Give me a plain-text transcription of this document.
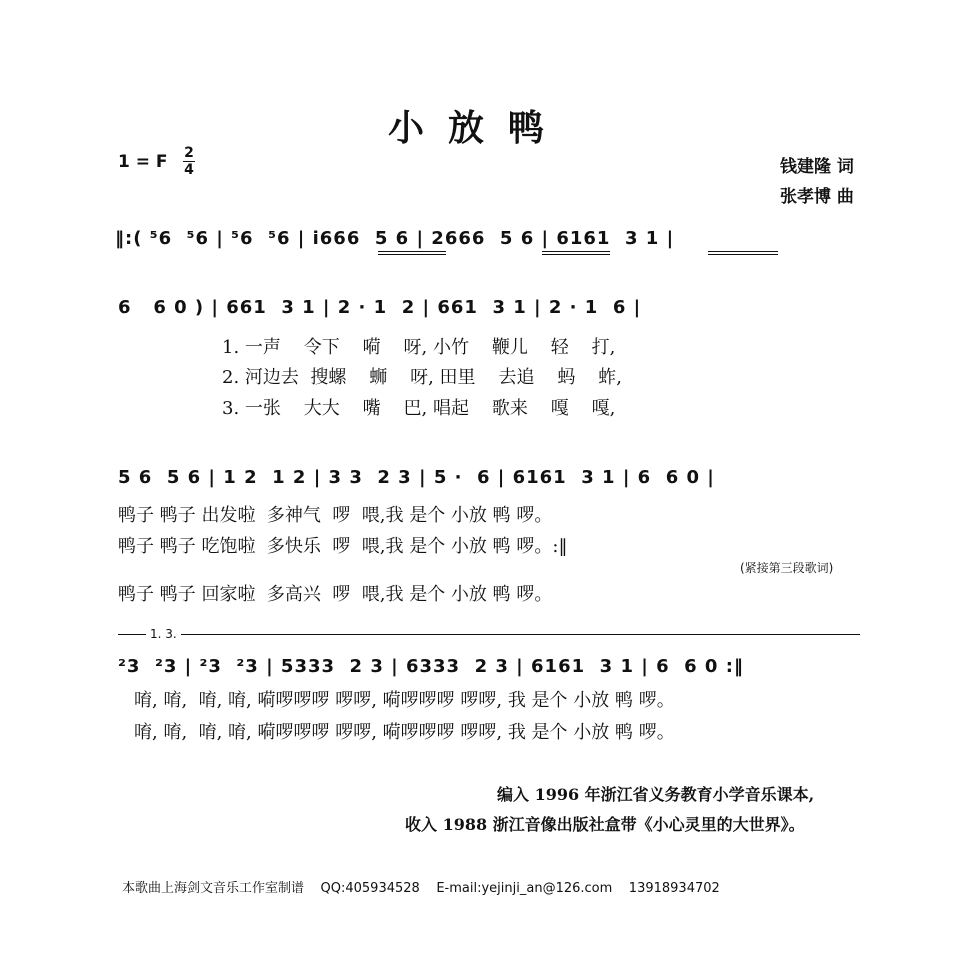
小放鸭
1 = F 2
4	钱建隆 词
张孝博 曲
‖:( ⁵6  ⁵6 | ⁵6  ⁵6 | i666  5 6 | 2666  5 6 | 6161  3 1 |
6   6 0 ) | 661  3 1 | 2 · 1  2 | 661  3 1 | 2 · 1  6 |
1. 一声    令下    嗬    呀, 小竹    鞭儿    轻    打,
2. 河边去  搜螺    蛳    呀, 田里    去追    蚂    蚱,
3. 一张    大大    嘴    巴, 唱起    歌来    嘎    嘎,
5 6  5 6 | 1 2  1 2 | 3 3  2 3 | 5 ·  6 | 6161  3 1 | 6  6 0 |
鸭子 鸭子 出发啦  多神气  啰  喂,我 是个 小放 鸭 啰。
鸭子 鸭子 吃饱啦  多快乐  啰  喂,我 是个 小放 鸭 啰。:‖
(紧接第三段歌词)
鸭子 鸭子 回家啦  多高兴  啰  喂,我 是个 小放 鸭 啰。
1. 3.
²3  ²3 | ²3  ²3 | 5333  2 3 | 6333  2 3 | 6161  3 1 | 6  6 0 :‖
唷, 唷,  唷, 唷, 嗬啰啰啰 啰啰, 嗬啰啰啰 啰啰, 我 是个 小放 鸭 啰。
唷, 唷,  唷, 唷, 嗬啰啰啰 啰啰, 嗬啰啰啰 啰啰, 我 是个 小放 鸭 啰。
编入 1996 年浙江省义务教育小学音乐课本,
收入 1988 浙江音像出版社盒带《小心灵里的大世界》。
本歌曲上海剑文音乐工作室制谱    QQ:405934528    E-mail:yejinji_an@126.com    13918934702
